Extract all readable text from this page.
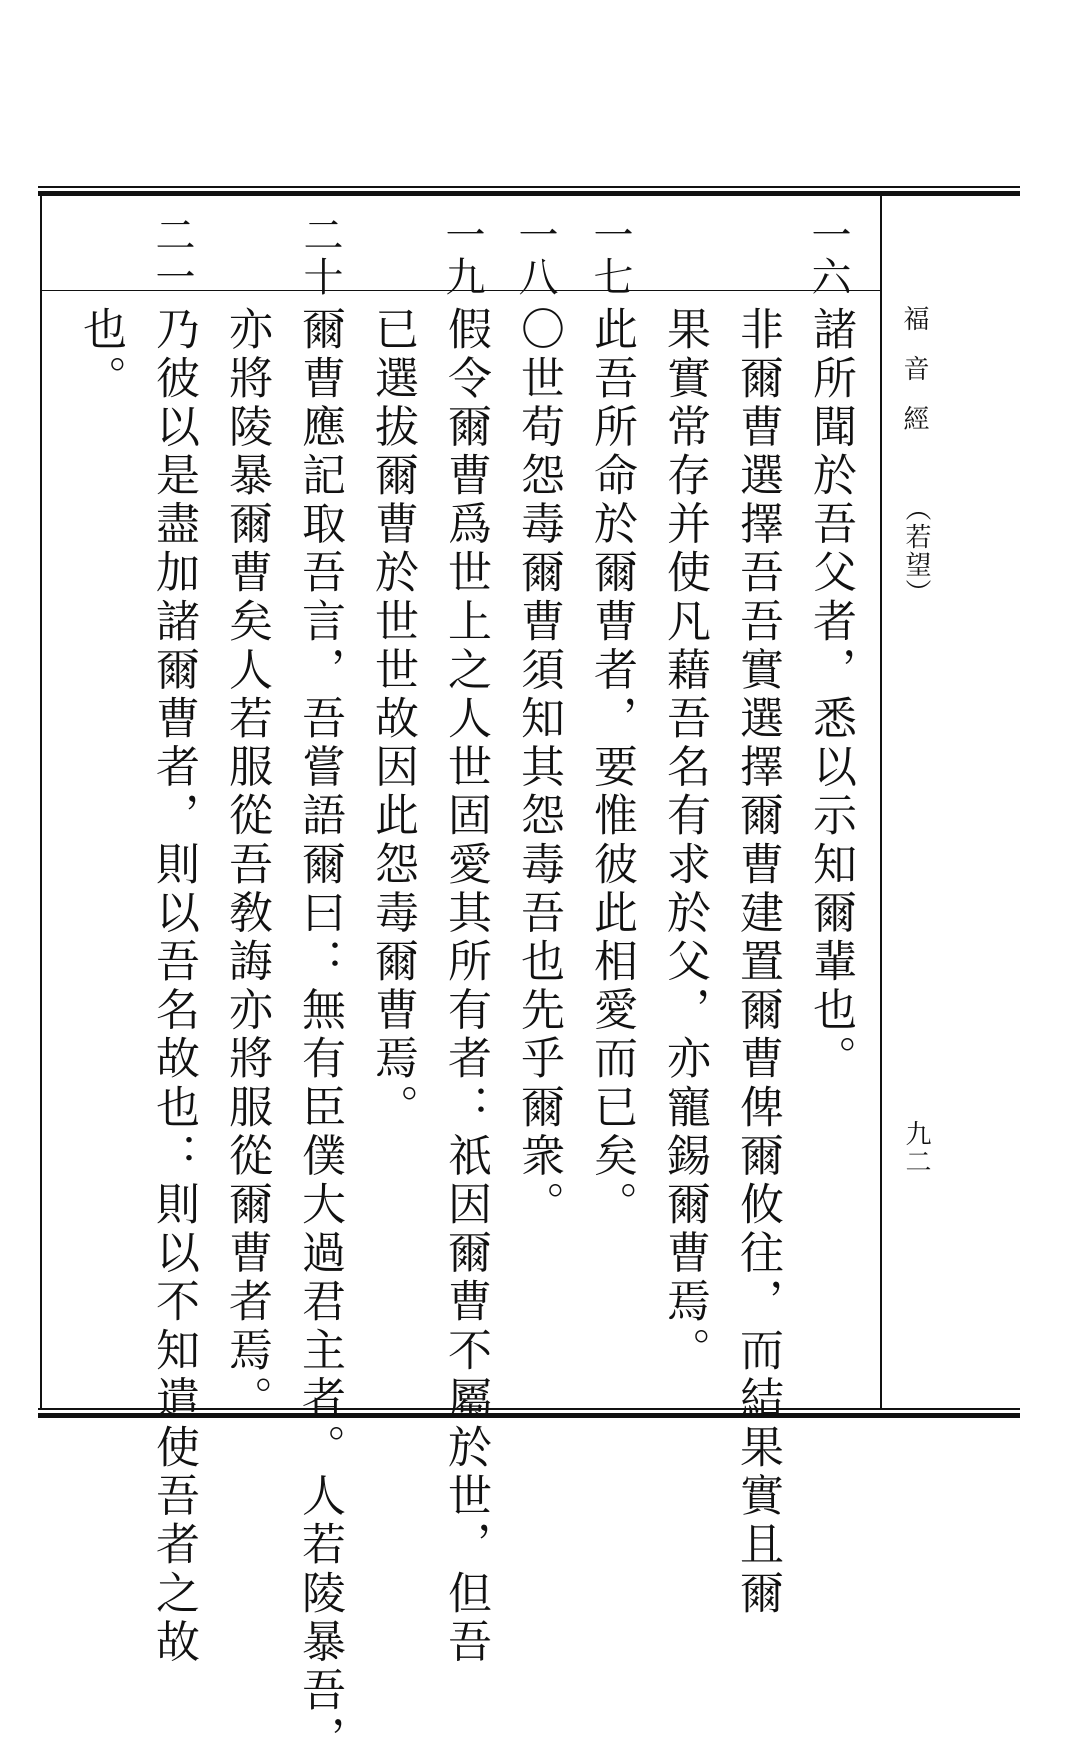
福音經
（若望）
九二
一六
一七
一八
一九
二十
二一
諸所聞於吾父者，悉以示知爾輩也。
非爾曹選擇吾吾實選擇爾曹建置爾曹俾爾攸往，而結果實且爾
果實常存并使凡藉吾名有求於父，亦寵錫爾曹焉。
此吾所命於爾曹者，要惟彼此相愛而已矣。
〇世苟怨毒爾曹須知其怨毒吾也先乎爾衆。
假令爾曹爲世上之人世固愛其所有者：祇因爾曹不屬於世，但吾
已選拔爾曹於世世故因此怨毒爾曹焉。
爾曹應記取吾言，吾嘗語爾曰：無有臣僕大過君主者。人若陵暴吾，
亦將陵暴爾曹矣人若服從吾敎誨亦將服從爾曹者焉。
乃彼以是盡加諸爾曹者，則以吾名故也：則以不知遣使吾者之故
也。
